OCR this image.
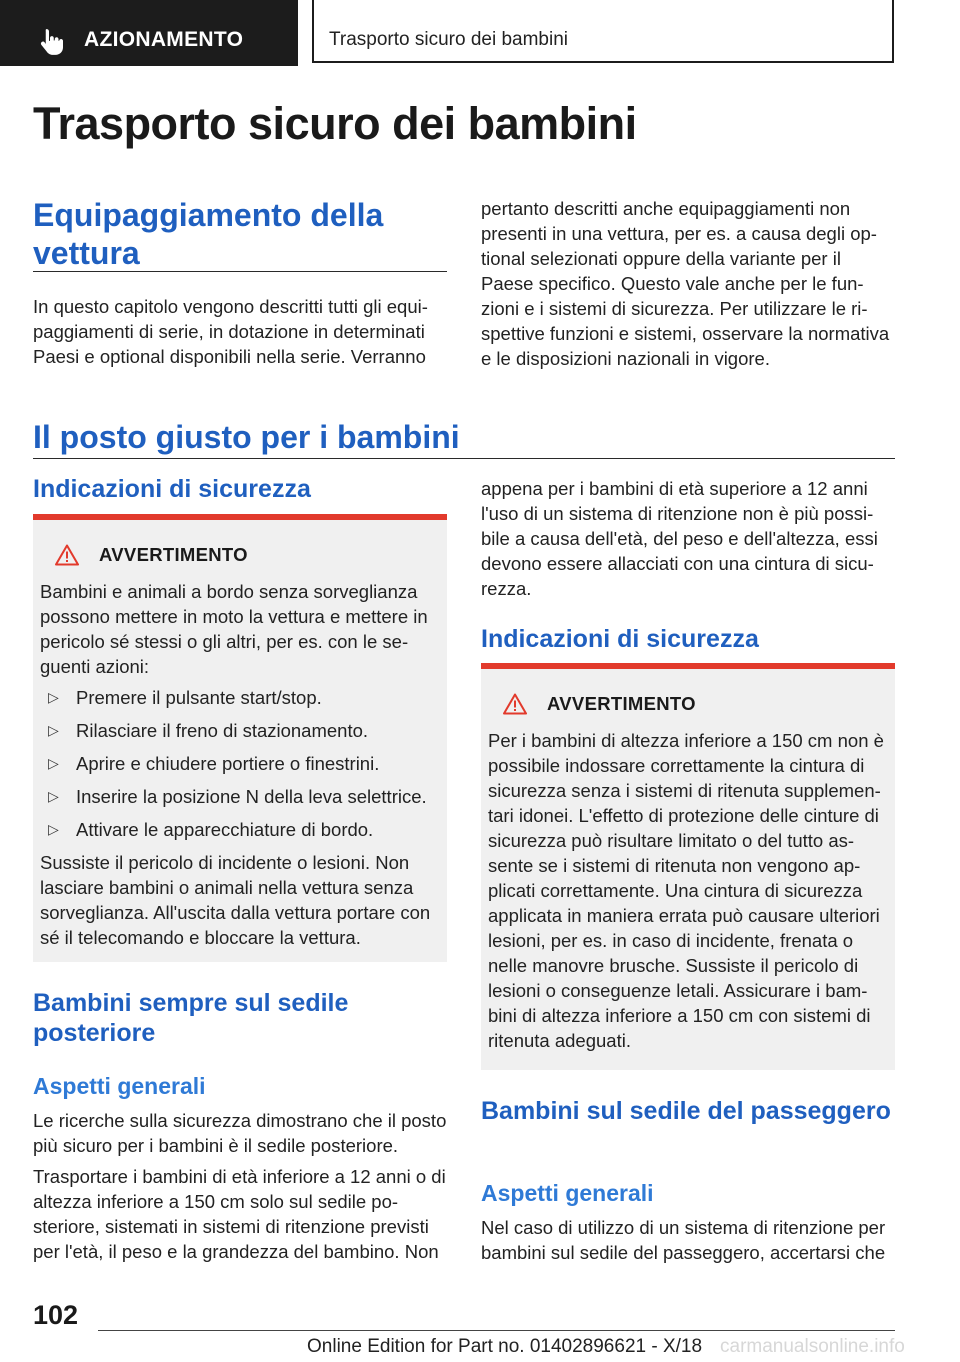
AZIONAMENTO	Trasporto sicuro dei bambini
Trasporto sicuro dei bambini
Equipaggiamento della vettura
In questo capitolo vengono descritti tutti gli equipaggiamenti di serie, in dotazione in determinati Paesi e optional disponibili nella serie. Verranno
pertanto descritti anche equipaggiamenti non presenti in una vettura, per es. a causa degli optional selezionati oppure della variante per il Paese specifico. Questo vale anche per le funzioni e i sistemi di sicurezza. Per utilizzare le rispettive funzioni e sistemi, osservare la normativa e le disposizioni nazionali in vigore.
Il posto giusto per i bambini
Indicazioni di sicurezza
AVVERTIMENTO

Bambini e animali a bordo senza sorveglianza possono mettere in moto la vettura e mettere in pericolo sé stessi o gli altri, per es. con le seguenti azioni:

▷ Premere il pulsante start/stop.
▷ Rilasciare il freno di stazionamento.
▷ Aprire e chiudere portiere o finestrini.
▷ Inserire la posizione N della leva selettrice.
▷ Attivare le apparecchiature di bordo.

Sussiste il pericolo di incidente o lesioni. Non lasciare bambini o animali nella vettura senza sorveglianza. All'uscita dalla vettura portare con sé il telecomando e bloccare la vettura.

Bambini sempre sul sedile posteriore
Aspetti generali

Le ricerche sulla sicurezza dimostrano che il posto più sicuro per i bambini è il sedile posteriore.

Trasportare i bambini di età inferiore a 12 anni o di altezza inferiore a 150 cm solo sul sedile posteriore, sistemati in sistemi di ritenzione previsti per l'età, il peso e la grandezza del bambino. Non

appena per i bambini di età superiore a 12 anni l'uso di un sistema di ritenzione non è più possibile a causa dell'età, del peso e dell'altezza, essi devono essere allacciati con una cintura di sicurezza.
Indicazioni di sicurezza
AVVERTIMENTO

Per i bambini di altezza inferiore a 150 cm non è possibile indossare correttamente la cintura di sicurezza senza i sistemi di ritenuta supplementari idonei. L'effetto di protezione delle cinture di sicurezza può risultare limitato o del tutto assente se i sistemi di ritenuta non vengono applicati correttamente. Una cintura di sicurezza applicata in maniera errata può causare ulteriori lesioni, per es. in caso di incidente, frenata o nelle manovre brusche. Sussiste il pericolo di lesioni o conseguenze letali. Assicurare i bambini di altezza inferiore a 150 cm con sistemi di ritenuta adeguati.

Bambini sul sedile del passeggero
Aspetti generali
Nel caso di utilizzo di un sistema di ritenzione per bambini sul sedile del passeggero, accertarsi che
102
Online Edition for Part no. 01402896621 - X/18 carmanualsonline.info
